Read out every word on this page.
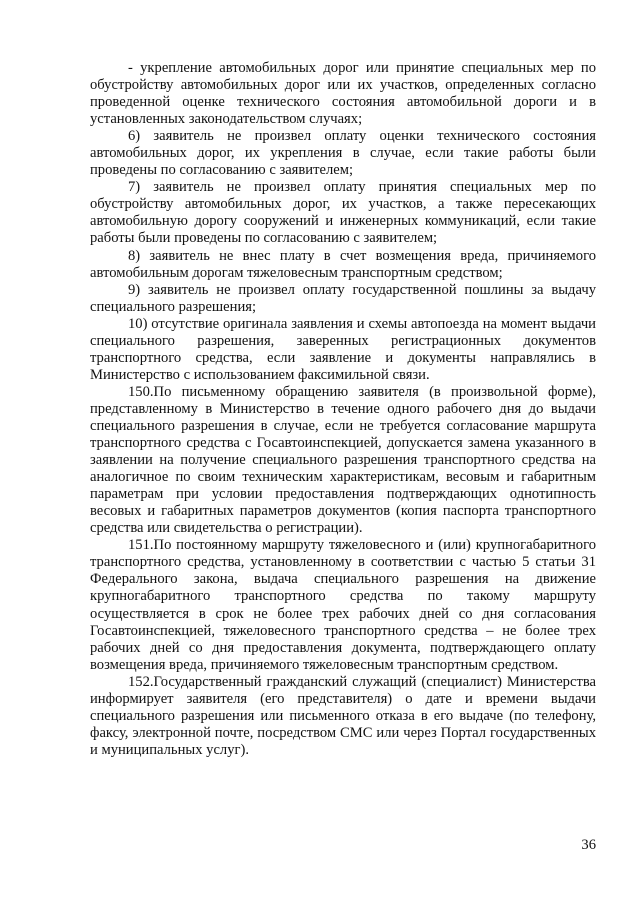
- укрепление автомобильных дорог или принятие специальных мер по обустройству автомобильных дорог или их участков, определенных согласно проведенной оценке технического состояния автомобильной дороги и в установленных законодательством случаях;

6) заявитель не произвел оплату оценки технического состояния автомобильных дорог, их укрепления в случае, если такие работы были проведены по согласованию с заявителем;

7) заявитель не произвел оплату принятия специальных мер по обустройству автомобильных дорог, их участков, а также пересекающих автомобильную дорогу сооружений и инженерных коммуникаций, если такие работы были проведены по согласованию с заявителем;

8) заявитель не внес плату в счет возмещения вреда, причиняемого автомобильным дорогам тяжеловесным транспортным средством;

9) заявитель не произвел оплату государственной пошлины за выдачу специального разрешения;

10) отсутствие оригинала заявления и схемы автопоезда на момент выдачи специального разрешения, заверенных регистрационных документов транспортного средства, если заявление и документы направлялись в Министерство с использованием факсимильной связи.

150.По письменному обращению заявителя (в произвольной форме), представленному в Министерство в течение одного рабочего дня до выдачи специального разрешения в случае, если не требуется согласование маршрута транспортного средства с Госавтоинспекцией, допускается замена указанного в заявлении на получение специального разрешения транспортного средства на аналогичное по своим техническим характеристикам, весовым и габаритным параметрам при условии предоставления подтверждающих однотипность весовых и габаритных параметров документов (копия паспорта транспортного средства или свидетельства о регистрации).

151.По постоянному маршруту тяжеловесного и (или) крупногабаритного транспортного средства, установленному в соответствии с частью 5 статьи 31 Федерального закона, выдача специального разрешения на движение крупногабаритного транспортного средства по такому маршруту осуществляется в срок не более трех рабочих дней со дня согласования Госавтоинспекцией, тяжеловесного транспортного средства – не более трех рабочих дней со дня предоставления документа, подтверждающего оплату возмещения вреда, причиняемого тяжеловесным транспортным средством.

152.Государственный гражданский служащий (специалист) Министерства информирует заявителя (его представителя) о дате и времени выдачи специального разрешения или письменного отказа в его выдаче (по телефону, факсу, электронной почте, посредством СМС или через Портал государственных и муниципальных услуг).

36
